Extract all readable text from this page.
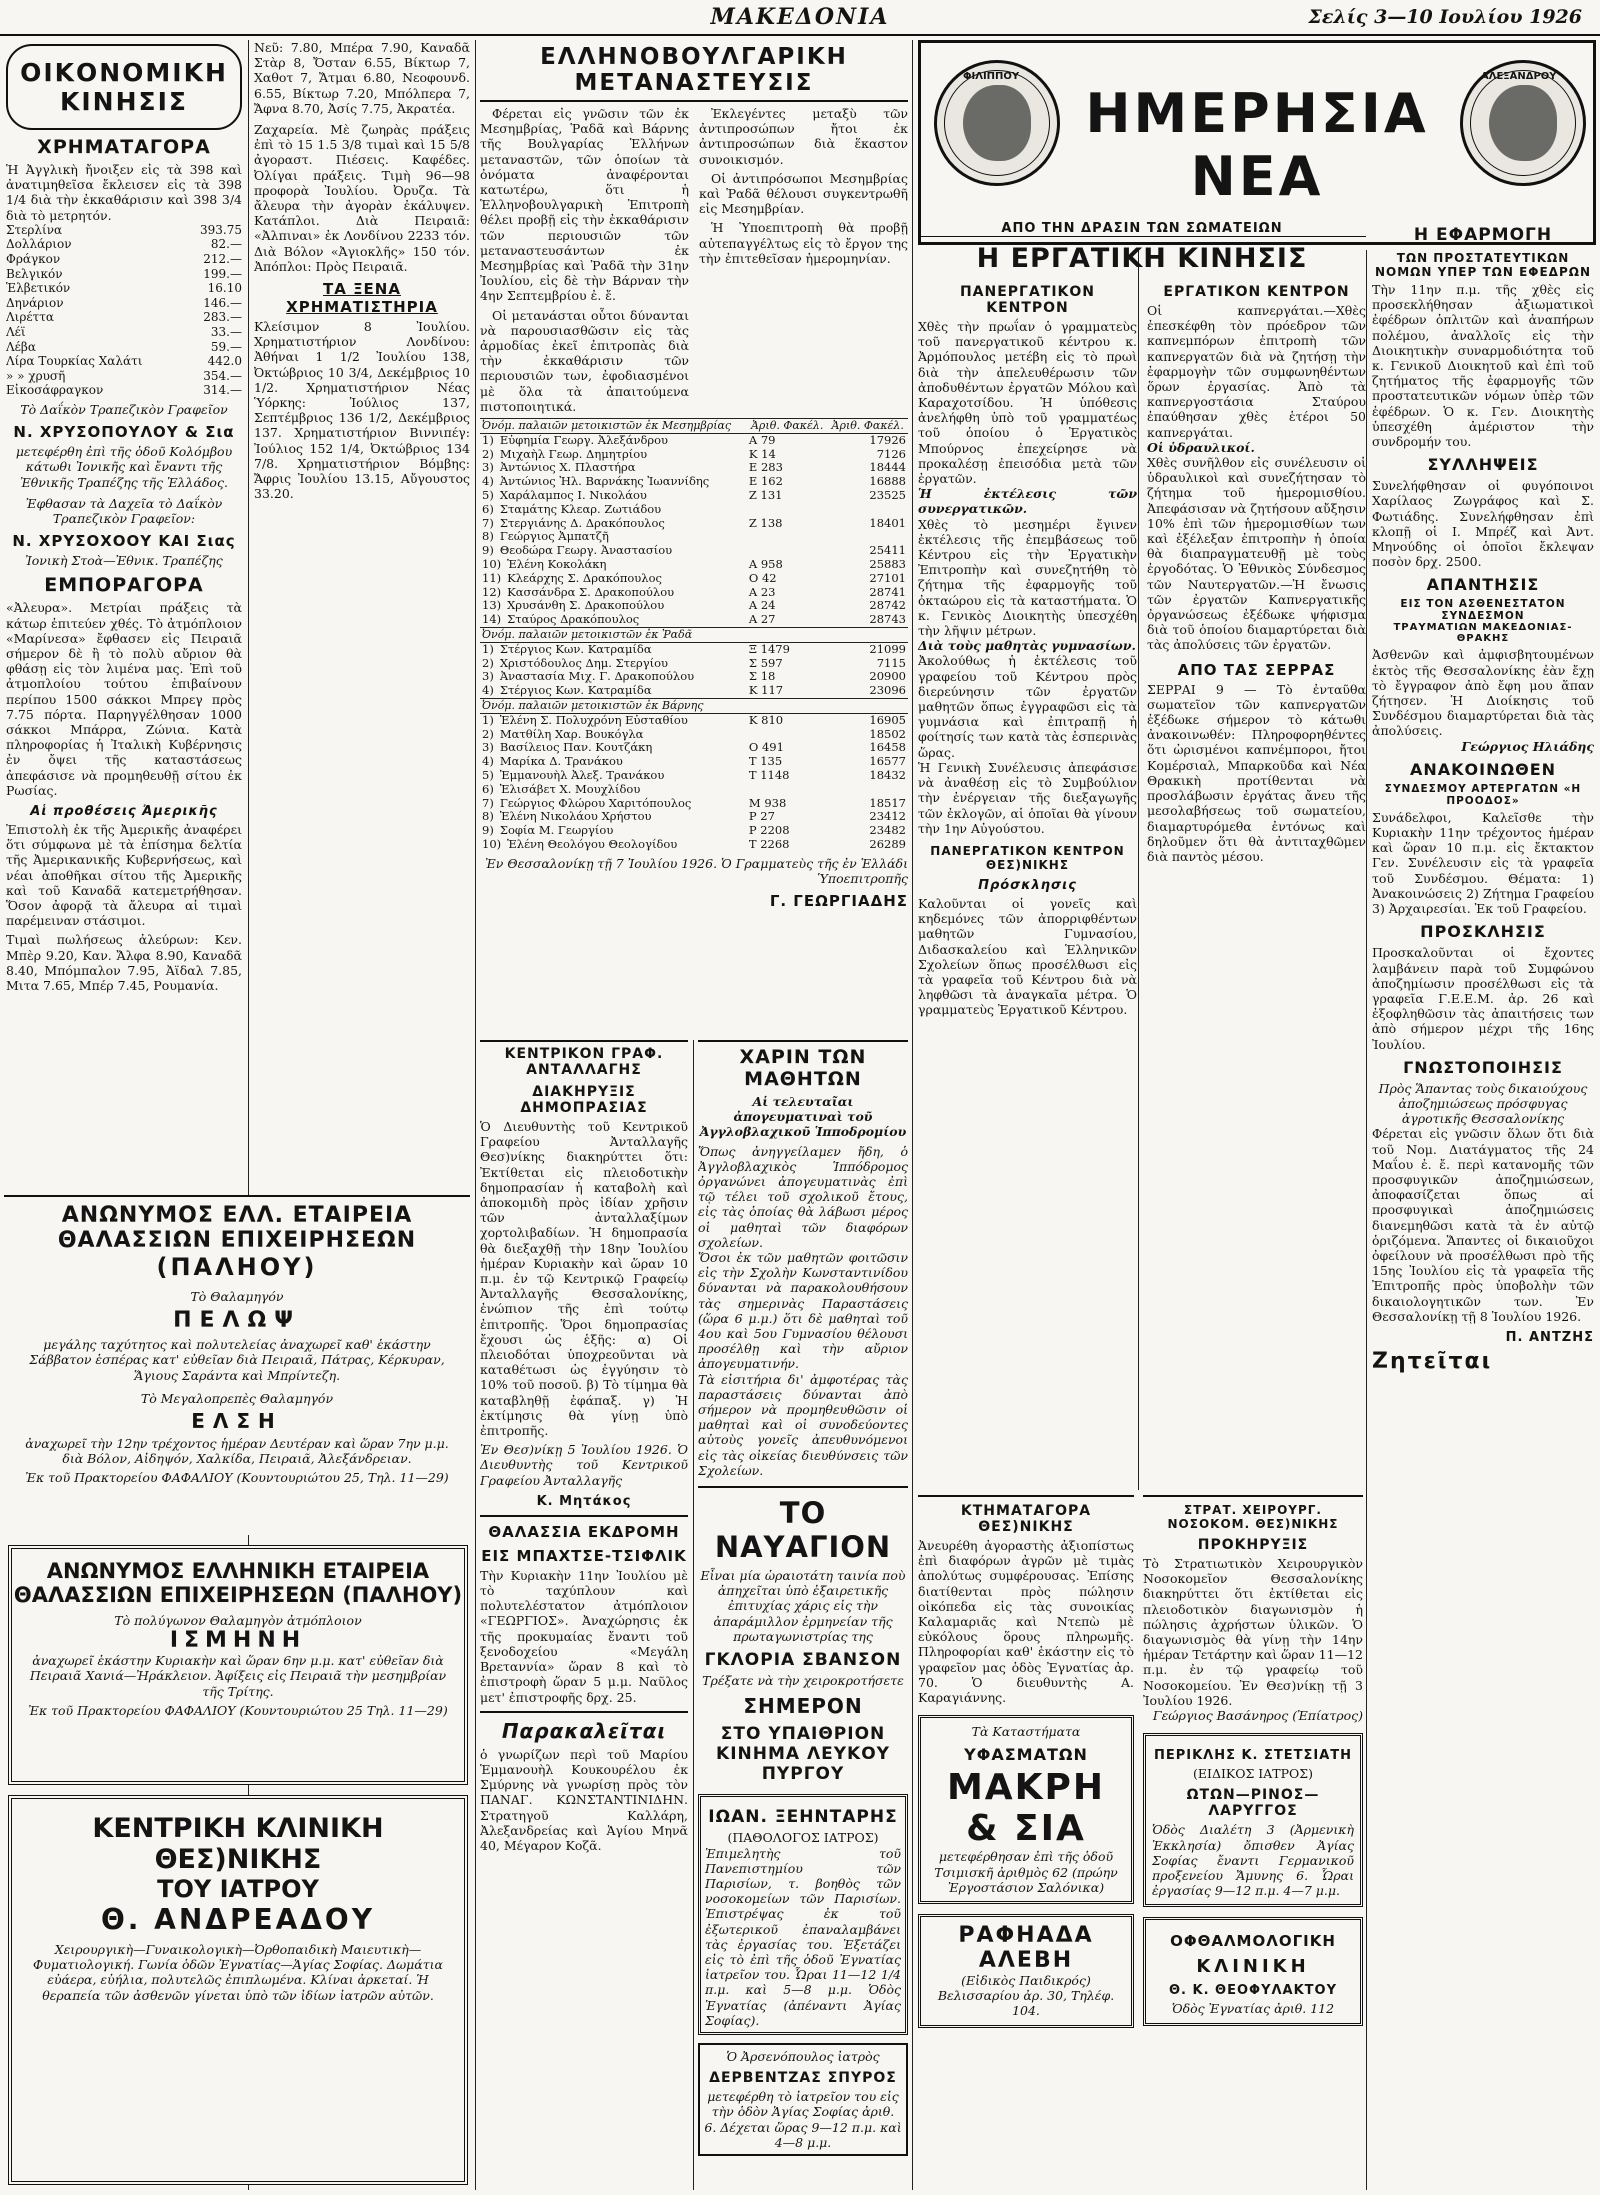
ΜΑΚΕΔΟΝΙΑ	Σελίς 3—10 Ιουλίου 1926
ΟΙΚΟΝΟΜΙΚΗ ΚΙΝΗΣΙΣ
ΧΡΗΜΑΤΑΓΟΡΑ
Ἡ Ἀγγλικὴ ἤνοιξεν εἰς τὰ 398 καὶ ἀνατιμηθεῖσα ἔκλεισεν εἰς τὰ 398 1/4 διὰ τὴν ἐκκαθάρισιν καὶ 398 3/4 διὰ τὸ μετρητόν.
Στερλίνα	393.75
Δολλάριον	82.—
Φράγκον	212.—
Βελγικόν	199.—
Ἑλβετικόν	16.10
Δηνάριον	146.—
Λιρέττα	283.—
Λέϊ	33.—
Λέβα	59.—
Λίρα Τουρκίας Χαλάτι	442.0
» » χρυσῆ	354.—
Εἰκοσάφραγκον	314.—
Τὸ Δαΐκὸν Τραπεζικὸν Γραφεῖον
Ν. ΧΡΥΣΟΠΟΥΛΟΥ & Σια
μετεφέρθη ἐπὶ τῆς ὁδοῦ Κολόμβου κάτωθι Ἰονικῆς καὶ ἔναντι τῆς Ἐθνικῆς Τραπέζης τῆς Ἑλλάδος.
Ἐφθασαν τὰ Δαχεῖα τὸ Δαΐκὸν Τραπεζικὸν Γραφεῖον:
Ν. ΧΡΥΣΟΧΟΟΥ ΚΑΙ Σιας
Ἰονικὴ Στοὰ—Ἐθνικ. Τραπέζης
ΕΜΠΟΡΑΓΟΡΑ
«Ἀλευρα». Μετρίαι πράξεις τὰ κάτωρ ἐπιτεύεν χθές. Τὸ ἀτμόπλοιον «Μαρίνεσα» ἔφθασεν εἰς Πειραιᾶ σήμερον δὲ ἢ τὸ πολὺ αὔριον θὰ φθάσῃ εἰς τὸν λιμένα μας. Ἐπὶ τοῦ ἀτμοπλοίου τούτου ἐπιβαίνουν περίπου 1500 σάκκοι Μπρεγ πρὸς 7.75 πόρτα. Παρηγγέλθησαν 1000 σάκκοι Μπάρρα, Ζώνια. Κατὰ πληροφορίας ἡ Ἰταλικὴ Κυβέρνησις ἐν ὄψει τῆς καταστάσεως ἀπεφάσισε νὰ προμηθευθῇ σίτου ἐκ Ρωσίας.
Αἱ προθέσεις Ἀμερικῆς
Ἐπιστολὴ ἐκ τῆς Ἀμερικῆς ἀναφέρει ὅτι σύμφωνα μὲ τὰ ἐπίσημα δελτία τῆς Ἀμερικανικῆς Κυβερνήσεως, καὶ νέαι ἀποθῆκαι σίτου τῆς Ἀμερικῆς καὶ τοῦ Καναδᾶ κατεμετρήθησαν. Ὅσον ἀφορᾷ τὰ ἄλευρα αἱ τιμαὶ παρέμειναν στάσιμοι.
Τιμαὶ πωλήσεως ἀλεύρων: Κεν. Μπὲρ 9.20, Καν. Ἄλφα 8.90, Καναδᾶ 8.40, Μπόμπαλον 7.95, Ἀϊδαλ 7.85, Μιτα 7.65, Μπέρ 7.45, Ρουμανία.
Νεῦ: 7.80, Μπέρα 7.90, Καναδᾶ Στὰρ 8, Ὄσταν 6.55, Βίκτωρ 7, Χαθοτ 7, Ἄτμαι 6.80, Νεοφουνδ. 6.55, Βίκτωρ 7.20, Μπόλπερα 7, Ἄφνα 8.70, Ἀσίς 7.75, Ἀκρατέα.
Ζαχαρεία. Μὲ ζωηρὰς πράξεις ἐπὶ τὸ 15 1.5 3/8 τιμαὶ καὶ 15 5/8 ἀγοραστ. Πιέσεις. Καφέδες. Ὀλίγαι πράξεις. Τιμὴ 96—98 προφορὰ Ἰουλίου. Ὀρυζα. Τὰ ἄλευρα τὴν ἀγορὰν ἐκάλυψεν. Κατάπλοι. Διὰ Πειραιᾶ: «Ἀλπιναι» ἐκ Λονδίνου 2233 τόν. Διὰ Βόλον «Ἀγιοκλῆς» 150 τόν. Ἀπόπλοι: Πρὸς Πειραιᾶ.
ΤΑ ΞΕΝΑ ΧΡΗΜΑΤΙΣΤΗΡΙΑ
Κλείσιμον 8 Ἰουλίου. Χρηματιστήριον Λονδίνου: Ἀθήναι 1 1/2 Ἰουλίου 138, Ὀκτώβριος 10 3/4, Δεκέμβριος 10 1/2. Χρηματιστήριον Νέας Ὑόρκης: Ἰούλιος 137, Σεπτέμβριος 136 1/2, Δεκέμβριος 137. Χρηματιστήριον Βιννιπέγ: Ἰούλιος 152 1/4, Ὀκτώβριος 134 7/8. Χρηματιστήριον Βόμβης: Ἄφρις Ἰουλίου 13.15, Αὔγουστος 33.20.
ΑΝΩΝΥΜΟΣ ΕΛΛ. ΕΤΑΙΡΕΙΑ ΘΑΛΑΣΣΙΩΝ ΕΠΙΧΕΙΡΗΣΕΩΝ
(ΠΑΛΗΟΥ)
Τὸ Θαλαμηγόν
ΠΕΛΩΨ
μεγάλης ταχύτητος καὶ πολυτελείας ἀναχωρεῖ καθ' ἑκάστην Σάββατον ἑσπέρας κατ' εὐθεῖαν διὰ Πειραιᾶ, Πάτρας, Κέρκυραν, Ἅγιους Σαράντα καὶ Μπρίντεζη.
Τὸ Μεγαλοπρεπὲς Θαλαμηγόν
ΕΛΣΗ
ἀναχωρεῖ τὴν 12ην τρέχοντος ἡμέραν Δευτέραν καὶ ὥραν 7ην μ.μ. διὰ Βόλον, Αἰδηψόν, Χαλκίδα, Πειραιᾶ, Ἀλεξάνδρειαν.
Ἐκ τοῦ Πρακτορείου ΦΑΦΑΛΙΟΥ (Κουντουριώτου 25, Τηλ. 11—29)
ΑΝΩΝΥΜΟΣ ΕΛΛΗΝΙΚΗ ΕΤΑΙΡΕΙΑ
ΘΑΛΑΣΣΙΩΝ ΕΠΙΧΕΙΡΗΣΕΩΝ (ΠΑΛΗΟΥ)
Τὸ πολύγωνον Θαλαμηγὸν ἀτμόπλοιον
ΙΣΜΗΝΗ
ἀναχωρεῖ ἑκάστην Κυριακὴν καὶ ὥραν 6ην μ.μ. κατ' εὐθεῖαν διὰ Πειραιᾶ Χανιά—Ἠράκλειον. Ἀφίξεις εἰς Πειραιᾶ τὴν μεσημβρίαν τῆς Τρίτης.
Ἐκ τοῦ Πρακτορείου ΦΑΦΑΛΙΟΥ (Κουντουριώτου 25 Τηλ. 11—29)
ΚΕΝΤΡΙΚΗ ΚΛΙΝΙΚΗ ΘΕΣ)ΝΙΚΗΣ
ΤΟΥ ΙΑΤΡΟΥ
Θ. ΑΝΔΡΕΑΔΟΥ
Χειρουργικὴ—Γυναικολογικὴ—Ὀρθοπαιδικὴ Μαιευτικὴ—Φυματιολογική. Γωνία ὁδῶν Ἐγνατίας—Ἁγίας Σοφίας. Δωμάτια εὐάερα, εὐήλια, πολυτελῶς ἐπιπλωμένα. Κλίναι ἀρκεταί. Ἡ θεραπεία τῶν ἀσθενῶν γίνεται ὑπὸ τῶν ἰδίων ἰατρῶν αὐτῶν.
ΕΛΛΗΝΟΒΟΥΛΓΑΡΙΚΗ ΜΕΤΑΝΑΣΤΕΥΣΙΣ

Φέρεται εἰς γνῶσιν τῶν ἐκ Μεσημβρίας, Ῥαδᾶ καὶ Βάρνης τῆς Βουλγαρίας Ἑλλήνων μεταναστῶν, τῶν ὁποίων τὰ ὀνόματα ἀναφέρονται κατωτέρω, ὅτι ἡ Ἑλληνοβουλγαρικὴ Ἐπιτροπὴ θέλει προβῇ εἰς τὴν ἐκκαθάρισιν τῶν περιουσιῶν τῶν μεταναστευσάντων ἐκ Μεσημβρίας καὶ Ῥαδᾶ τὴν 31ην Ἰουλίου, εἰς δὲ τὴν Βάρναν τὴν 4ην Σεπτεμβρίου ἐ. ἔ.

Οἱ μετανάσται οὗτοι δύνανται νὰ παρουσιασθῶσιν εἰς τὰς ἀρμοδίας ἐκεῖ ἐπιτροπὰς διὰ τὴν ἐκκαθάρισιν τῶν περιουσιῶν των, ἐφοδιασμένοι μὲ ὅλα τὰ ἀπαιτούμενα πιστοποιητικά.

Ἐκλεγέντες μεταξὺ τῶν ἀντιπροσώπων ἤτοι ἐκ ἀντιπροσώπων διὰ ἕκαστον συνοικισμόν.

Οἱ ἀντιπρόσωποι Μεσημβρίας καὶ Ῥαδᾶ θέλουσι συγκεντρωθῆ εἰς Μεσημβρίαν.

Ἡ Ὑποεπιτροπὴ θὰ προβῇ αὐτεπαγγέλτως εἰς τὸ ἔργον της τὴν ἐπιτεθεῖσαν ἡμερομηνίαν.

Ὀνόμ. παλαιῶν μετοικιστῶν ἐκ Μεσημβρίας	Ἀριθ. Φακέλ.	Ἀριθ. Φακέλ.
1) Εὐφημία Γεωργ. Ἀλεξάνδρου	Α 79	17926
2) Μιχαὴλ Γεωρ. Δημητρίου	Κ 14	7126
3) Ἀντώνιος Χ. Πλαστήρα	Ε 283	18444
4) Ἀντώνιος Ἠλ. Βαρνάκης Ἰωαννίδης	Ε 162	16888
5) Χαράλαμπος Ι. Νικολάου	Ζ 131	23525
6) Σταμάτης Κλεαρ. Ζωτιάδου		
7) Στεργιάνης Δ. Δρακόπουλος	Ζ 138	18401
8) Γεώργιος Ἀμπατζῆ		
9) Θεοδώρα Γεωργ. Ἀναστασίου		25411
10) Ἑλένη Κοκολάκη	Α 958	25883
11) Κλεάρχης Σ. Δρακόπουλος	Ο 42	27101
12) Κασσάνδρα Σ. Δρακοπούλου	Α 23	28741
13) Χρυσάνθη Σ. Δρακοπούλου	Α 24	28742
14) Σταύρος Δρακόπουλος	Α 27	28743
Ὀνόμ. παλαιῶν μετοικιστῶν ἐκ Ῥαδᾶ		
1) Στέργιος Κων. Κατραμίδα	Ξ 1479	21099
2) Χριστόδουλος Δημ. Στεργίου	Σ 597	7115
3) Ἀναστασία Μιχ. Γ. Δρακοπούλου	Σ 18	20900
4) Στέργιος Κων. Κατραμίδα	Κ 117	23096
Ὀνόμ. παλαιῶν μετοικιστῶν ἐκ Βάρνης		
1) Ἑλένη Σ. Πολυχρόνη Εὐσταθίου	Κ 810	16905
2) Ματθίλη Χαρ. Βουκόγλα		18502
3) Βασίλειος Παν. Κουτζάκη	Ο 491	16458
4) Μαρίκα Δ. Τρανάκου	Τ 135	16577
5) Ἐμμανουὴλ Ἀλεξ. Τρανάκου	Τ 1148	18432
6) Ἑλισάβετ Χ. Μουχλίδου		
7) Γεώργιος Φλώρου Χαριτόπουλος	Μ 938	18517
8) Ἑλένη Νικολάου Χρήστου	Ρ 27	23412
9) Σοφία Μ. Γεωργίου	Ρ 2208	23482
10) Ἑλένη Θεολόγου Θεολογίδου	Τ 2268	26289
Ἐν Θεσσαλονίκῃ τῇ 7 Ἰουλίου 1926. Ὁ Γραμματεὺς τῆς ἐν Ἑλλάδι Ὑποεπιτροπῆς
Γ. ΓΕΩΡΓΙΑΔΗΣ
ΚΕΝΤΡΙΚΟΝ ΓΡΑΦ. ΑΝΤΑΛΛΑΓΗΣ
ΔΙΑΚΗΡΥΞΙΣ ΔΗΜΟΠΡΑΣΙΑΣ
Ὁ Διευθυντὴς τοῦ Κεντρικοῦ Γραφείου Ἀνταλλαγῆς Θεσ)νίκης διακηρύττει ὅτι: Ἐκτίθεται εἰς πλειοδοτικὴν δημοπρασίαν ἡ καταβολὴ καὶ ἀποκομιδὴ πρὸς ἰδίαν χρῆσιν τῶν ἀνταλλαξίμων χορτολιβαδίων. Ἡ δημοπρασία θὰ διεξαχθῇ τὴν 18ην Ἰουλίου ἡμέραν Κυριακὴν καὶ ὥραν 10 π.μ. ἐν τῷ Κεντρικῷ Γραφείῳ Ἀνταλλαγῆς Θεσσαλονίκης, ἐνώπιον τῆς ἐπὶ τούτῳ ἐπιτροπῆς. Ὅροι δημοπρασίας ἔχουσι ὡς ἑξῆς: α) Οἱ πλειοδόται ὑποχρεοῦνται νὰ καταθέτωσι ὡς ἐγγύησιν τὸ 10% τοῦ ποσοῦ. β) Τὸ τίμημα θὰ καταβληθῇ ἐφάπαξ. γ) Ἡ ἐκτίμησις θὰ γίνῃ ὑπὸ ἐπιτροπῆς.
Ἐν Θεσ)νίκῃ 5 Ἰουλίου 1926. Ὁ Διευθυντὴς τοῦ Κεντρικοῦ Γραφείου Ἀνταλλαγῆς
Κ. Μητάκος
ΘΑΛΑΣΣΙΑ ΕΚΔΡΟΜΗ
ΕΙΣ ΜΠΑΧΤΣΕ-ΤΣΙΦΛΙΚ
Τὴν Κυριακὴν 11ην Ἰουλίου μὲ τὸ ταχύπλουν καὶ πολυτελέστατον ἀτμόπλοιον «ΓΕΩΡΓΙΟΣ». Ἀναχώρησις ἐκ τῆς προκυμαίας ἔναντι τοῦ ξενοδοχείου «Μεγάλη Βρεταννία» ὥραν 8 καὶ τὸ ἐπιστροφὴ ὥραν 5 μ.μ. Ναῦλος μετ' ἐπιστροφῆς δρχ. 25.
Παρακαλεῖται
ὁ γνωρίζων περὶ τοῦ Μαρίου Ἑμμανουὴλ Κουκουρέλου ἐκ Σμύρνης νὰ γνωρίσῃ πρὸς τὸν ΠΑΝΑΓ. ΚΩΝΣΤΑΝΤΙΝΙΔΗΝ. Στρατηγοῦ Καλλάρη, Ἀλεξανδρείας καὶ Ἁγίου Μηνᾶ 40, Μέγαρον Κοζᾶ.
ΧΑΡΙΝ ΤΩΝ ΜΑΘΗΤΩΝ
Αἱ τελευταῖαι ἀπογευματιναὶ τοῦ Ἀγγλοβλαχικοῦ Ἱπποδρομίου
Ὅπως ἀνηγγείλαμεν ἤδη, ὁ Ἀγγλοβλαχικὸς Ἱππόδρομος ὀργανώνει ἀπογευματινὰς ἐπὶ τῷ τέλει τοῦ σχολικοῦ ἔτους, εἰς τὰς ὁποίας θὰ λάβωσι μέρος οἱ μαθηταὶ τῶν διαφόρων σχολείων.
Ὅσοι ἐκ τῶν μαθητῶν φοιτῶσιν εἰς τὴν Σχολὴν Κωνσταντινίδου δύνανται νὰ παρακολουθήσουν τὰς σημερινὰς Παραστάσεις (ὥρα 6 μ.μ.) ὅτι δὲ μαθηταὶ τοῦ 4ου καὶ 5ου Γυμνασίου θέλουσι προσέλθῃ καὶ τὴν αὔριον ἀπογευματινήν.
Τὰ εἰσιτήρια δι' ἀμφοτέρας τὰς παραστάσεις δύνανται ἀπὸ σήμερον νὰ προμηθευθῶσιν οἱ μαθηταὶ καὶ οἱ συνοδεύοντες αὐτοὺς γονεῖς ἀπευθυνόμενοι εἰς τὰς οἰκείας διευθύνσεις τῶν Σχολείων.
ΤΟ ΝΑΥΑΓΙΟΝ
Εἶναι μία ὡραιοτάτη ταινία ποὺ ἀπηχεῖται ὑπὸ ἐξαιρετικῆς ἐπιτυχίας χάρις εἰς τὴν ἀπαράμιλλον ἐρμηνείαν τῆς πρωταγωνιστρίας της
ΓΚΛΟΡΙΑ ΣΒΑΝΣΟΝ
Τρέξατε νὰ τὴν χειροκροτήσετε
ΣΗΜΕΡΟΝ
ΣΤΟ ΥΠΑΙΘΡΙΟΝ ΚΙΝΗΜΑ ΛΕΥΚΟΥ ΠΥΡΓΟΥ
ΙΩΑΝ. ΞΕΗΝΤΑΡΗΣ
(ΠΑΘΟΛΟΓΟΣ ΙΑΤΡΟΣ)
Ἐπιμελητὴς τοῦ Πανεπιστημίου τῶν Παρισίων, τ. βοηθὸς τῶν νοσοκομείων τῶν Παρισίων. Ἐπιστρέψας ἐκ τοῦ ἐξωτερικοῦ ἐπαναλαμβάνει τὰς ἐργασίας του. Ἐξετάζει εἰς τὸ ἐπὶ τῆς ὁδοῦ Ἐγνατίας ἰατρεῖον του. Ὧραι 11—12 1/4 π.μ. καὶ 5—8 μ.μ. Ὁδὸς Ἐγνατίας (ἀπέναντι Ἀγίας Σοφίας).
Ὁ Ἀρσενόπουλος ἰατρὸς
ΔΕΡΒΕΝΤΖΑΣ ΣΠΥΡΟΣ
μετεφέρθη τὸ ἰατρεῖον του εἰς τὴν ὁδὸν Ἁγίας Σοφίας ἀριθ. 6. Δέχεται ὥρας 9—12 π.μ. καὶ 4—8 μ.μ.
ΦΙΛΙΠΠΟΥ
ΗΜΕΡΗΣΙΑ ΝΕΑ
ΑΛΕΞΑΝΔΡΟΥ
ΑΠΟ ΤΗΝ ΔΡΑΣΙΝ ΤΩΝ ΣΩΜΑΤΕΙΩΝ
Η ΕΡΓΑΤΙΚΗ ΚΙΝΗΣΙΣ
ΠΑΝΕΡΓΑΤΙΚΟΝ ΚΕΝΤΡΟΝ
Χθὲς τὴν πρωΐαν ὁ γραμματεὺς τοῦ πανεργατικοῦ κέντρου κ. Ἀρμόπουλος μετέβη εἰς τὸ πρωὶ διὰ τὴν ἀπελευθέρωσιν τῶν ἀποδυθέντων ἐργατῶν Μόλου καὶ Καραχοτσίδου. Ἡ ὑπόθεσις ἀνελήφθη ὑπὸ τοῦ γραμματέως τοῦ ὁποίου ὁ Ἐργατικὸς Μπούρνος ἐπεχείρησε νὰ προκαλέσῃ ἐπεισόδια μετὰ τῶν ἐργατῶν.
Ἡ ἐκτέλεσις τῶν συνεργατικῶν.
Χθὲς τὸ μεσημέρι ἔγινεν ἐκτέλεσις τῆς ἐπεμβάσεως τοῦ Κέντρου εἰς τὴν Ἐργατικὴν Ἐπιτροπὴν καὶ συνεζητήθη τὸ ζήτημα τῆς ἐφαρμογῆς τοῦ ὀκταώρου εἰς τὰ καταστήματα. Ὁ κ. Γενικὸς Διοικητὴς ὑπεσχέθη τὴν λῆψιν μέτρων.
Διὰ τοὺς μαθητὰς γυμνασίων.
Ἀκολούθως ἡ ἐκτέλεσις τοῦ γραφείου τοῦ Κέντρου πρὸς διερεύνησιν τῶν ἐργατῶν μαθητῶν ὅπως ἐγγραφῶσι εἰς τὰ γυμνάσια καὶ ἐπιτραπῇ ἡ φοίτησίς των κατὰ τὰς ἑσπερινὰς ὥρας.
Ἡ Γενικὴ Συνέλευσις ἀπεφάσισε νὰ ἀναθέσῃ εἰς τὸ Συμβούλιον τὴν ἐνέργειαν τῆς διεξαγωγῆς τῶν ἐκλογῶν, αἱ ὁποῖαι θὰ γίνουν τὴν 1ην Αὐγούστου.
ΠΑΝΕΡΓΑΤΙΚΟΝ ΚΕΝΤΡΟΝ ΘΕΣ)ΝΙΚΗΣ
Πρόσκλησις
Καλοῦνται οἱ γονεῖς καὶ κηδεμόνες τῶν ἀπορριφθέντων μαθητῶν Γυμνασίου, Διδασκαλείου καὶ Ἑλληνικῶν Σχολείων ὅπως προσέλθωσι εἰς τὰ γραφεῖα τοῦ Κέντρου διὰ νὰ ληφθῶσι τὰ ἀναγκαῖα μέτρα. Ὁ γραμματεὺς Ἐργατικοῦ Κέντρου.
ΕΡΓΑΤΙΚΟΝ ΚΕΝΤΡΟΝ
Οἱ καπνεργάται.—Χθὲς ἐπεσκέφθη τὸν πρόεδρον τῶν καπνεμπόρων ἐπιτροπὴ τῶν καπνεργατῶν διὰ νὰ ζητήσῃ τὴν ἐφαρμογὴν τῶν συμφωνηθέντων ὅρων ἐργασίας. Ἀπὸ τὰ καπνεργοστάσια Σταύρου ἐπαύθησαν χθὲς ἑτέροι 50 καπνεργάται.
Οἱ ὑδραυλικοί.
Χθὲς συνῆλθον εἰς συνέλευσιν οἱ ὑδραυλικοὶ καὶ συνεζήτησαν τὸ ζήτημα τοῦ ἡμερομισθίου. Ἀπεφάσισαν νὰ ζητήσουν αὔξησιν 10% ἐπὶ τῶν ἡμερομισθίων των καὶ ἐξέλεξαν ἐπιτροπὴν ἡ ὁποία θὰ διαπραγματευθῇ μὲ τοὺς ἐργοδότας. Ὁ Ἐθνικὸς Σύνδεσμος τῶν Ναυτεργατῶν.—Ἡ ἔνωσις τῶν ἐργατῶν Καπνεργατικῆς ὀργανώσεως ἐξέδωκε ψήφισμα διὰ τοῦ ὁποίου διαμαρτύρεται διὰ τὰς ἀπολύσεις τῶν ἐργατῶν.
ΑΠΟ ΤΑΣ ΣΕΡΡΑΣ
ΣΕΡΡΑΙ 9 — Τὸ ἐνταῦθα σωματεῖον τῶν καπνεργατῶν ἐξέδωκε σήμερον τὸ κάτωθι ἀνακοινωθέν: Πληροφορηθέντες ὅτι ὠρισμένοι καπνέμποροι, ἤτοι Κομέρσιαλ, Μπαρκοῦδα καὶ Νέα Θρακικὴ προτίθενται νὰ προσλάβωσιν ἐργάτας ἄνευ τῆς μεσολαβήσεως τοῦ σωματείου, διαμαρτυρόμεθα ἐντόνως καὶ δηλοῦμεν ὅτι θὰ ἀντιταχθῶμεν διὰ παντὸς μέσου.
Η ΕΦΑΡΜΟΓΗ
ΤΩΝ ΠΡΟΣΤΑΤΕΥΤΙΚΩΝ ΝΟΜΩΝ ΥΠΕΡ ΤΩΝ ΕΦΕΔΡΩΝ
Τὴν 11ην π.μ. τῆς χθὲς εἰς προσεκλήθησαν ἀξιωματικοὶ ἐφέδρων ὁπλιτῶν καὶ ἀναπήρων πολέμου, ἀναλλοῖς εἰς τὴν Διοικητικὴν συναρμοδιότητα τοῦ κ. Γενικοῦ Διοικητοῦ καὶ ἐπὶ τοῦ ζητήματος τῆς ἐφαρμογῆς τῶν προστατευτικῶν νόμων ὑπὲρ τῶν ἐφέδρων. Ὁ κ. Γεν. Διοικητὴς ὑπεσχέθη ἀμέριστον τὴν συνδρομήν του.
ΣΥΛΛΗΨΕΙΣ
Συνελήφθησαν οἱ φυγόποινοι Χαρίλαος Ζωγράφος καὶ Σ. Φωτιάδης. Συνελήφθησαν ἐπὶ κλοπῇ οἱ Ι. Μπρέζ καὶ Ἀντ. Μηνούδης οἱ ὁποῖοι ἔκλεψαν ποσὸν δρχ. 2500.
ΑΠΑΝΤΗΣΙΣ
ΕΙΣ ΤΟΝ ΑΣΘΕΝΕΣΤΑΤΟΝ ΣΥΝΔΕΣΜΟΝ
ΤΡΑΥΜΑΤΙΩΝ ΜΑΚΕΔΟΝΙΑΣ-ΘΡΑΚΗΣ
Ἀσθενῶν καὶ ἀμφισβητουμένων ἐκτὸς τῆς Θεσσαλονίκης ἐὰν ἔχῃ τὸ ἔγγραφον ἀπὸ ἔφη μου ἅπαν ζήτησεν. Ἡ Διοίκησις τοῦ Συνδέσμου διαμαρτύρεται διὰ τὰς ἀπολύσεις.
Γεώργιος Ηλιάδης
ΑΝΑΚΟΙΝΩΘΕΝ
ΣΥΝΔΕΣΜΟΥ ΑΡΤΕΡΓΑΤΩΝ «Η ΠΡΟΟΔΟΣ»
Συνάδελφοι, Καλεῖσθε τὴν Κυριακὴν 11ην τρέχοντος ἡμέραν καὶ ὥραν 10 π.μ. εἰς ἔκτακτον Γεν. Συνέλευσιν εἰς τὰ γραφεῖα τοῦ Συνδέσμου. Θέματα: 1) Ἀνακοινώσεις 2) Ζήτημα Γραφείου 3) Ἀρχαιρεσίαι. Ἐκ τοῦ Γραφείου.
ΠΡΟΣΚΛΗΣΙΣ
Προσκαλοῦνται οἱ ἔχοντες λαμβάνειν παρὰ τοῦ Συμφώνου ἀποζημίωσιν προσέλθωσι εἰς τὰ γραφεῖα Γ.Ε.Ε.Μ. ἀρ. 26 καὶ ἐξοφληθῶσιν τὰς ἀπαιτήσεις των ἀπὸ σήμερον μέχρι τῆς 16ης Ἰουλίου.
ΓΝΩΣΤΟΠΟΙΗΣΙΣ
Πρὸς Ἅπαντας τοὺς δικαιούχους ἀποζημιώσεως πρόσφυγας ἀγροτικῆς Θεσσαλονίκης
Φέρεται εἰς γνῶσιν ὅλων ὅτι διὰ τοῦ Νομ. Διατάγματος τῆς 24 Μαΐου ἐ. ἔ. περὶ κατανομῆς τῶν προσφυγικῶν ἀποζημιώσεων, ἀποφασίζεται ὅπως αἱ προσφυγικαὶ ἀποζημιώσεις διανεμηθῶσι κατὰ τὰ ἐν αὐτῷ ὁριζόμενα. Ἅπαντες οἱ δικαιοῦχοι ὀφείλουν νὰ προσέλθωσι πρὸ τῆς 15ης Ἰουλίου εἰς τὰ γραφεῖα τῆς Ἐπιτροπῆς πρὸς ὑποβολὴν τῶν δικαιολογητικῶν των. Ἐν Θεσσαλονίκῃ τῇ 8 Ἰουλίου 1926.
Π. ΑΝΤΖΗΣ
Ζητεῖται
ΚΤΗΜΑΤΑΓΟΡΑ ΘΕΣ)ΝΙΚΗΣ
Ἀνευρέθη ἀγοραστὴς ἀξιοπίστως ἐπὶ διαφόρων ἀγρῶν μὲ τιμὰς ἀπολύτως συμφέρουσας. Ἐπίσης διατίθενται πρὸς πώλησιν οἰκόπεδα εἰς τὰς συνοικίας Καλαμαριᾶς καὶ Ντεπὼ μὲ εὐκόλους ὅρους πληρωμῆς. Πληροφορίαι καθ' ἑκάστην εἰς τὸ γραφεῖον μας ὁδὸς Ἐγνατίας ἀρ. 70. Ὁ διευθυντὴς Α. Καραγιάννης.
Τὰ Καταστήματα
ΥΦΑΣΜΑΤΩΝ
ΜΑΚΡΗ & ΣΙΑ
μετεφέρθησαν ἐπὶ τῆς ὁδοῦ Τσιμισκῆ ἀριθμὸς 62 (πρώην Ἐργοστάσιον Σαλόνικα)
ΡΑΦΗΑΔΑ ΑΛΕΒΗ
(Εἰδικὸς Παιδικρός)
Βελισσαρίου ἀρ. 30, Τηλέφ. 104.
ΣΤΡΑΤ. ΧΕΙΡΟΥΡΓ. ΝΟΣΟΚΟΜ. ΘΕΣ)ΝΙΚΗΣ
ΠΡΟΚΗΡΥΞΙΣ
Τὸ Στρατιωτικὸν Χειρουργικὸν Νοσοκομεῖον Θεσσαλονίκης διακηρύττει ὅτι ἐκτίθεται εἰς πλειοδοτικὸν διαγωνισμὸν ἡ πώλησις ἀχρήστων ὑλικῶν. Ὁ διαγωνισμὸς θὰ γίνῃ τὴν 14ην ἡμέραν Τετάρτην καὶ ὥραν 11—12 π.μ. ἐν τῷ γραφείῳ τοῦ Νοσοκομείου. Ἐν Θεσ)νίκῃ τῇ 3 Ἰουλίου 1926.
Γεώργιος Βασάνηρος (Ἐπίατρος)
ΠΕΡΙΚΛΗΣ Κ. ΣΤΕΤΣΙΑΤΗ
(ΕΙΔΙΚΟΣ ΙΑΤΡΟΣ)
ΩΤΩΝ—ΡΙΝΟΣ—ΛΑΡΥΓΓΟΣ
Ὁδὸς Διαλέτη 3 (Ἀρμενικὴ Ἐκκλησία) ὄπισθεν Ἀγίας Σοφίας ἔναντι Γερμανικοῦ προξενείου Ἄμυνης 6. Ὧραι ἐργασίας 9—12 π.μ. 4—7 μ.μ.
ΟΦΘΑΛΜΟΛΟΓΙΚΗ
ΚΛΙΝΙΚΗ
Θ. Κ. ΘΕΟΦΥΛΑΚΤΟΥ
Ὁδὸς Ἐγνατίας ἀριθ. 112
